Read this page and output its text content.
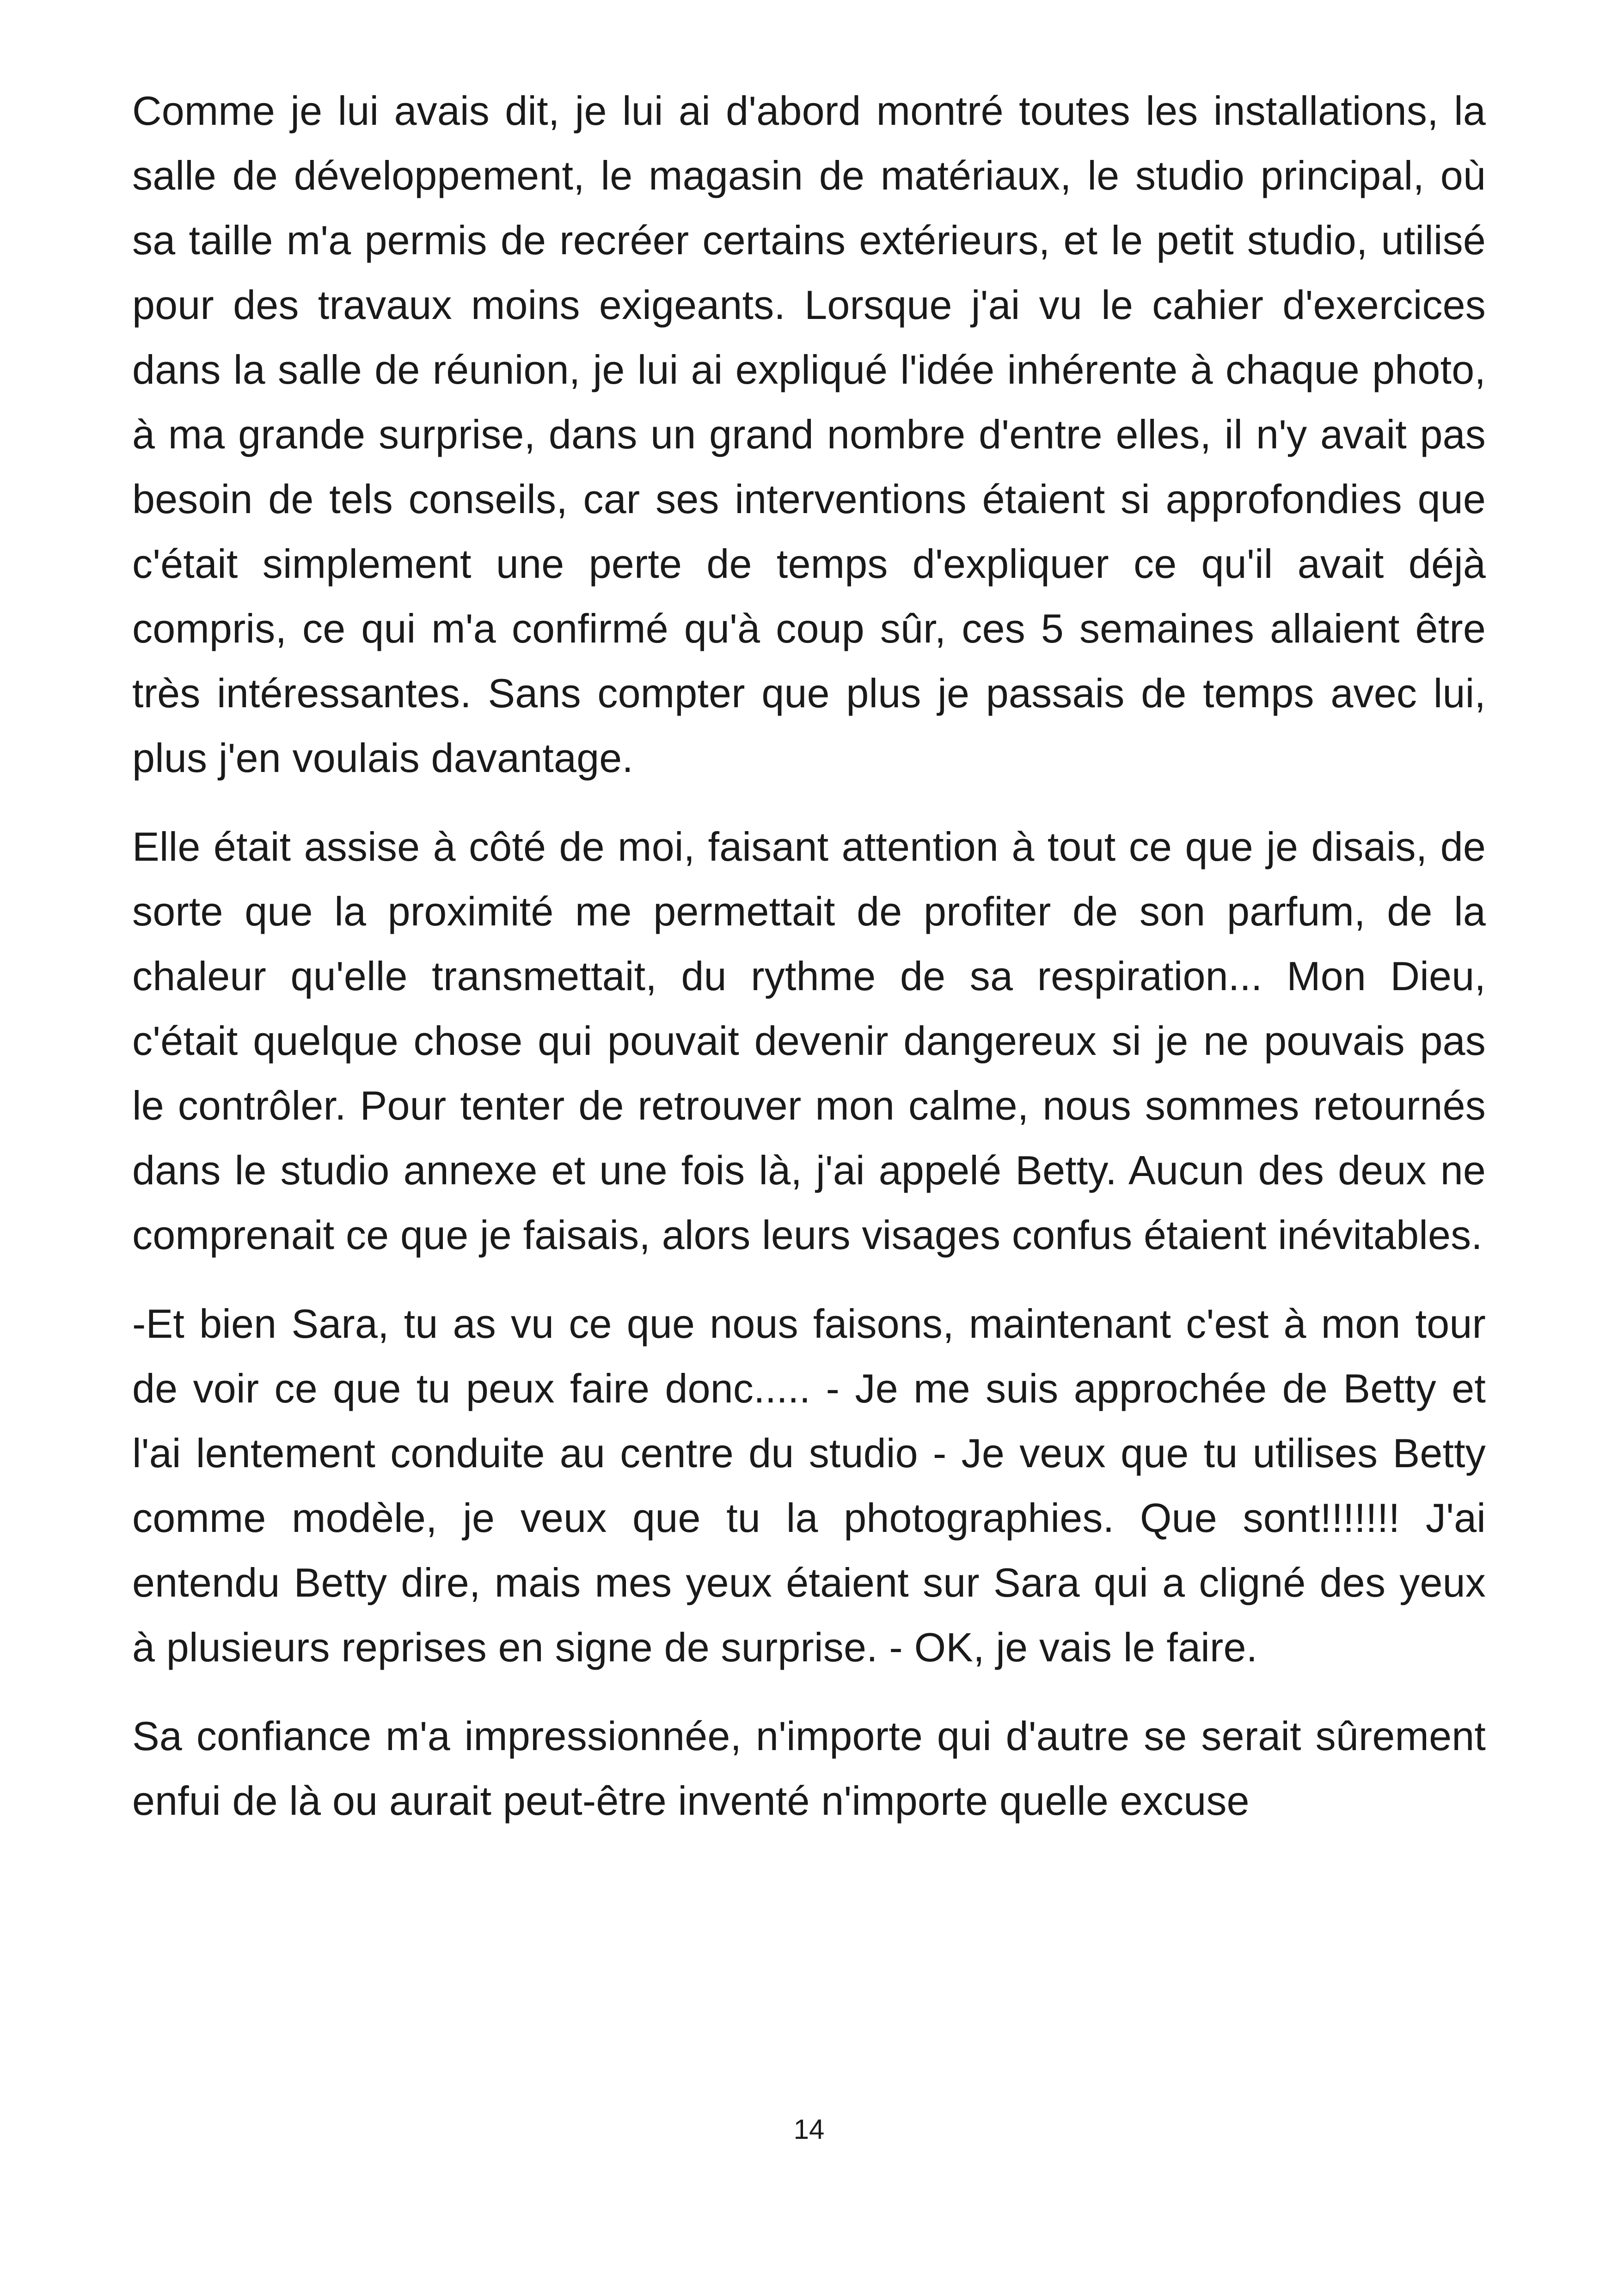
Comme je lui avais dit, je lui ai d'abord montré toutes les installations, la salle de développement, le magasin de matériaux, le studio principal, où sa taille m'a permis de recréer certains extérieurs, et le petit studio, utilisé pour des travaux moins exigeants. Lorsque j'ai vu le cahier d'exercices dans la salle de réunion, je lui ai expliqué l'idée inhérente à chaque photo, à ma grande surprise, dans un grand nombre d'entre elles, il n'y avait pas besoin de tels conseils, car ses interventions étaient si approfondies que c'était simplement une perte de temps d'expliquer ce qu'il avait déjà compris, ce qui m'a confirmé qu'à coup sûr, ces 5 semaines allaient être très intéressantes. Sans compter que plus je passais de temps avec lui, plus j'en voulais davantage.

Elle était assise à côté de moi, faisant attention à tout ce que je disais, de sorte que la proximité me permettait de profiter de son parfum, de la chaleur qu'elle transmettait, du rythme de sa respiration... Mon Dieu, c'était quelque chose qui pouvait devenir dangereux si je ne pouvais pas le contrôler. Pour tenter de retrouver mon calme, nous sommes retournés dans le studio annexe et une fois là, j'ai appelé Betty. Aucun des deux ne comprenait ce que je faisais, alors leurs visages confus étaient inévitables.

-Et bien Sara, tu as vu ce que nous faisons, maintenant c'est à mon tour de voir ce que tu peux faire donc..... - Je me suis approchée de Betty et l'ai lentement conduite au centre du studio - Je veux que tu utilises Betty comme modèle, je veux que tu la photographies. Que sont!!!!!!! J'ai entendu Betty dire, mais mes yeux étaient sur Sara qui a cligné des yeux à plusieurs reprises en signe de surprise. - OK, je vais le faire.

Sa confiance m'a impressionnée, n'importe qui d'autre se serait sûrement enfui de là ou aurait peut-être inventé n'importe quelle excuse

14
